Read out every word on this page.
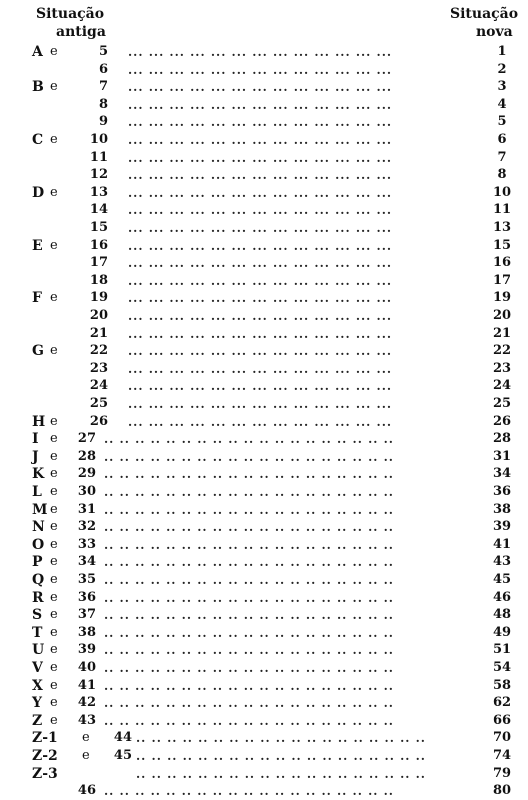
Situação
antiga
Situação
nova
A e	5 ... ... ... ... ... ... ... ... ... ... ... ... ...	1
6 ... ... ... ... ... ... ... ... ... ... ... ... ...	2
B e	7 ... ... ... ... ... ... ... ... ... ... ... ... ...	3
8 ... ... ... ... ... ... ... ... ... ... ... ... ...	4
9 ... ... ... ... ... ... ... ... ... ... ... ... ...	5
C e	10 ... ... ... ... ... ... ... ... ... ... ... ... ...	6
11 ... ... ... ... ... ... ... ... ... ... ... ... ...	7
12 ... ... ... ... ... ... ... ... ... ... ... ... ...	8
D e	13 ... ... ... ... ... ... ... ... ... ... ... ... ...	10
14 ... ... ... ... ... ... ... ... ... ... ... ... ...	11
15 ... ... ... ... ... ... ... ... ... ... ... ... ...	13
E e	16 ... ... ... ... ... ... ... ... ... ... ... ... ...	15
17 ... ... ... ... ... ... ... ... ... ... ... ... ...	16
18 ... ... ... ... ... ... ... ... ... ... ... ... ...	17
F e	19 ... ... ... ... ... ... ... ... ... ... ... ... ...	19
20 ... ... ... ... ... ... ... ... ... ... ... ... ...	20
21 ... ... ... ... ... ... ... ... ... ... ... ... ...	21
G e	22 ... ... ... ... ... ... ... ... ... ... ... ... ...	22
23 ... ... ... ... ... ... ... ... ... ... ... ... ...	23
24 ... ... ... ... ... ... ... ... ... ... ... ... ...	24
25 ... ... ... ... ... ... ... ... ... ... ... ... ...	25
H e	26 ... ... ... ... ... ... ... ... ... ... ... ... ...	26
I e	27 .. .. .. .. .. .. .. .. .. .. .. .. .. .. .. .. .. .. ..	28
J e	28 .. .. .. .. .. .. .. .. .. .. .. .. .. .. .. .. .. .. ..	31
K e	29 .. .. .. .. .. .. .. .. .. .. .. .. .. .. .. .. .. .. ..	34
L e	30 .. .. .. .. .. .. .. .. .. .. .. .. .. .. .. .. .. .. ..	36
M e	31 .. .. .. .. .. .. .. .. .. .. .. .. .. .. .. .. .. .. ..	38
N e	32 .. .. .. .. .. .. .. .. .. .. .. .. .. .. .. .. .. .. ..	39
O e	33 .. .. .. .. .. .. .. .. .. .. .. .. .. .. .. .. .. .. ..	41
P e	34 .. .. .. .. .. .. .. .. .. .. .. .. .. .. .. .. .. .. ..	43
Q e	35 .. .. .. .. .. .. .. .. .. .. .. .. .. .. .. .. .. .. ..	45
R e	36 .. .. .. .. .. .. .. .. .. .. .. .. .. .. .. .. .. .. ..	46
S e	37 .. .. .. .. .. .. .. .. .. .. .. .. .. .. .. .. .. .. ..	48
T e	38 .. .. .. .. .. .. .. .. .. .. .. .. .. .. .. .. .. .. ..	49
U e	39 .. .. .. .. .. .. .. .. .. .. .. .. .. .. .. .. .. .. ..	51
V e	40 .. .. .. .. .. .. .. .. .. .. .. .. .. .. .. .. .. .. ..	54
X e	41 .. .. .. .. .. .. .. .. .. .. .. .. .. .. .. .. .. .. ..	58
Y e	42 .. .. .. .. .. .. .. .. .. .. .. .. .. .. .. .. .. .. ..	62
Z e	43 .. .. .. .. .. .. .. .. .. .. .. .. .. .. .. .. .. .. ..	66
Z-1 e	44 .. .. .. .. .. .. .. .. .. .. .. .. .. .. .. .. .. .. ..	70
Z-2 e	45 .. .. .. .. .. .. .. .. .. .. .. .. .. .. .. .. .. .. ..	74
Z-3	.. .. .. .. .. .. .. .. .. .. .. .. .. .. .. .. .. .. ..	79
46 .. .. .. .. .. .. .. .. .. .. .. .. .. .. .. .. .. .. ..	80
